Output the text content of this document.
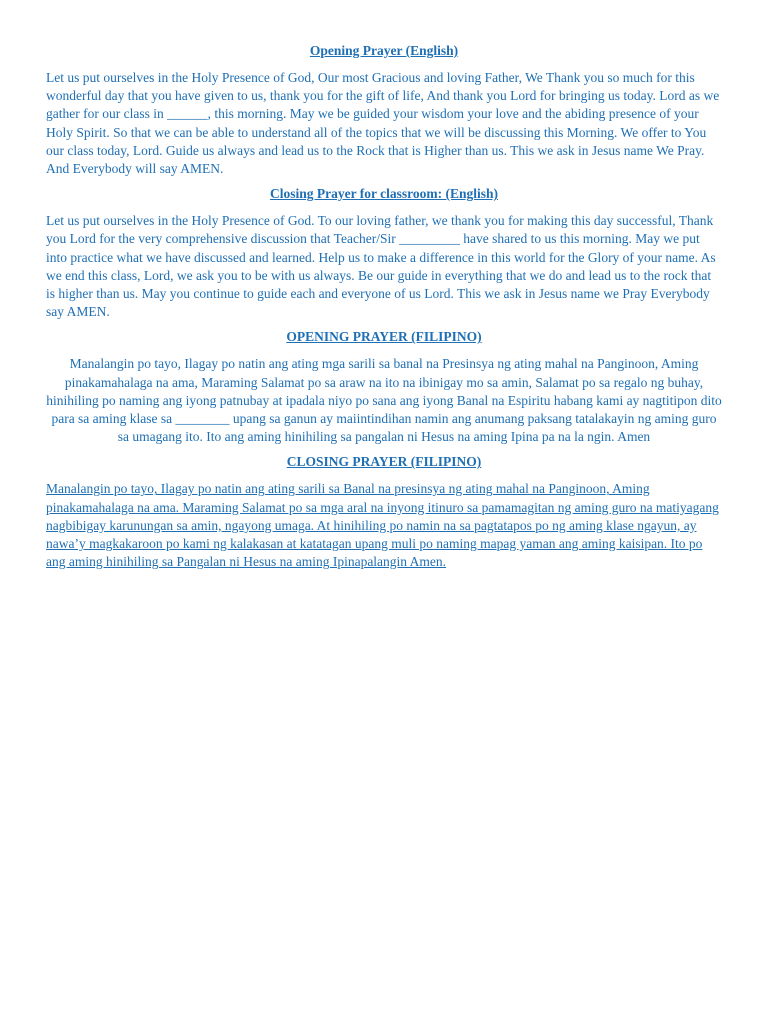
Opening Prayer (English)

Let us put ourselves in the Holy Presence of God, Our most Gracious and loving Father, We Thank you so much for this wonderful day that you have given to us, thank you for the gift of life, And thank you Lord for bringing us today. Lord as we gather for our class in ______, this morning. May we be guided your wisdom your love and the abiding presence of your Holy Spirit. So that we can be able to understand all of the topics that we will be discussing this Morning. We offer to You our class today, Lord. Guide us always and lead us to the Rock that is Higher than us. This we ask in Jesus name We Pray. And Everybody will say AMEN.

Closing Prayer for classroom: (English)

Let us put ourselves in the Holy Presence of God. To our loving father, we thank you for making this day successful, Thank you Lord for the very comprehensive discussion that Teacher/Sir _________ have shared to us this morning. May we put into practice what we have discussed and learned. Help us to make a difference in this world for the Glory of your name. As we end this class, Lord, we ask you to be with us always. Be our guide in everything that we do and lead us to the rock that is higher than us. May you continue to guide each and everyone of us Lord. This we ask in Jesus name we Pray Everybody say AMEN.

OPENING PRAYER (FILIPINO)

Manalangin po tayo, Ilagay po natin ang ating mga sarili sa banal na Presinsya ng ating mahal na Panginoon, Aming pinakamahalaga na ama, Maraming Salamat po sa araw na ito na ibinigay mo sa amin, Salamat po sa regalo ng buhay, hinihiling po naming ang iyong patnubay at ipadala niyo po sana ang iyong Banal na Espiritu habang kami ay nagtitipon dito para sa aming klase sa ________ upang sa ganun ay maiintindihan namin ang anumang paksang tatalakayin ng aming guro sa umagang ito. Ito ang aming hinihiling sa pangalan ni Hesus na aming Ipina pa na la ngin. Amen

CLOSING PRAYER (FILIPINO)

Manalangin po tayo, Ilagay po natin ang ating sarili sa Banal na presinsya ng ating mahal na Panginoon, Aming pinakamahalaga na ama. Maraming Salamat po sa mga aral na inyong itinuro sa pamamagitan ng aming guro na matiyagang nagbibigay karunungan sa amin, ngayong umaga. At hinihiling po namin na sa pagtatapos po ng aming klase ngayun, ay nawa’y magkakaroon po kami ng kalakasan at katatagan upang muli po naming mapag yaman ang aming kaisipan. Ito po ang aming hinihiling sa Pangalan ni Hesus na aming Ipinapalangin Amen.
